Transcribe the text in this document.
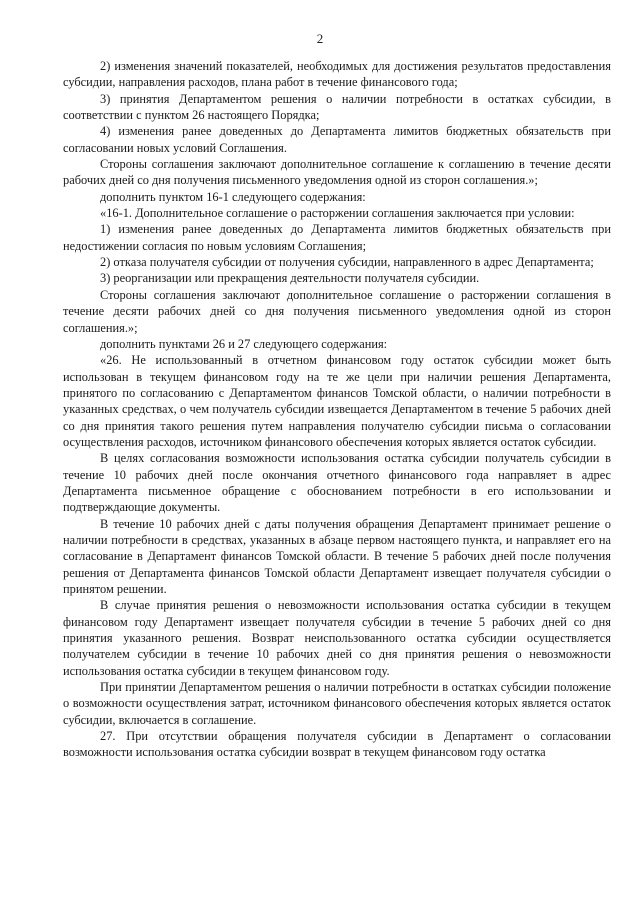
2

2) изменения значений показателей, необходимых для достижения результатов предоставления субсидии, направления расходов, плана работ в течение финансового года;

3) принятия Департаментом решения о наличии потребности в остатках субсидии, в соответствии с пунктом 26 настоящего Порядка;

4) изменения ранее доведенных до Департамента лимитов бюджетных обязательств при согласовании новых условий Соглашения.

Стороны соглашения заключают дополнительное соглашение к соглашению в течение десяти рабочих дней со дня получения письменного уведомления одной из сторон соглашения.»;

дополнить пунктом 16-1 следующего содержания:

«16-1. Дополнительное соглашение о расторжении соглашения заключается при условии:

1) изменения ранее доведенных до Департамента лимитов бюджетных обязательств при недостижении согласия по новым условиям Соглашения;

2) отказа получателя субсидии от получения субсидии, направленного в адрес Департамента;

3) реорганизации или прекращения деятельности получателя субсидии.

Стороны соглашения заключают дополнительное соглашение о расторжении соглашения в течение десяти рабочих дней со дня получения письменного уведомления одной из сторон соглашения.»;

дополнить пунктами 26 и 27 следующего содержания:

«26. Не использованный в отчетном финансовом году остаток субсидии может быть использован в текущем финансовом году на те же цели при наличии решения Департамента, принятого по согласованию с Департаментом финансов Томской области, о наличии потребности в указанных средствах, о чем получатель субсидии извещается Департаментом в течение 5 рабочих дней со дня принятия такого решения путем направления получателю субсидии письма о согласовании осуществления расходов, источником финансового обеспечения которых является остаток субсидии.

В целях согласования возможности использования остатка субсидии получатель субсидии в течение 10 рабочих дней после окончания отчетного финансового года направляет в адрес Департамента письменное обращение с обоснованием потребности в его использовании и подтверждающие документы.

В течение 10 рабочих дней с даты получения обращения Департамент принимает решение о наличии потребности в средствах, указанных в абзаце первом настоящего пункта, и направляет его на согласование в Департамент финансов Томской области. В течение 5 рабочих дней после получения решения от Департамента финансов Томской области Департамент извещает получателя субсидии о принятом решении.

В случае принятия решения о невозможности использования остатка субсидии в текущем финансовом году Департамент извещает получателя субсидии в течение 5 рабочих дней со дня принятия указанного решения. Возврат неиспользованного остатка субсидии осуществляется получателем субсидии в течение 10 рабочих дней со дня принятия решения о невозможности использования остатка субсидии в текущем финансовом году.

При принятии Департаментом решения о наличии потребности в остатках субсидии положение о возможности осуществления затрат, источником финансового обеспечения которых является остаток субсидии, включается в соглашение.

27. При отсутствии обращения получателя субсидии в Департамент о согласовании возможности использования остатка субсидии возврат в текущем финансовом году остатка
